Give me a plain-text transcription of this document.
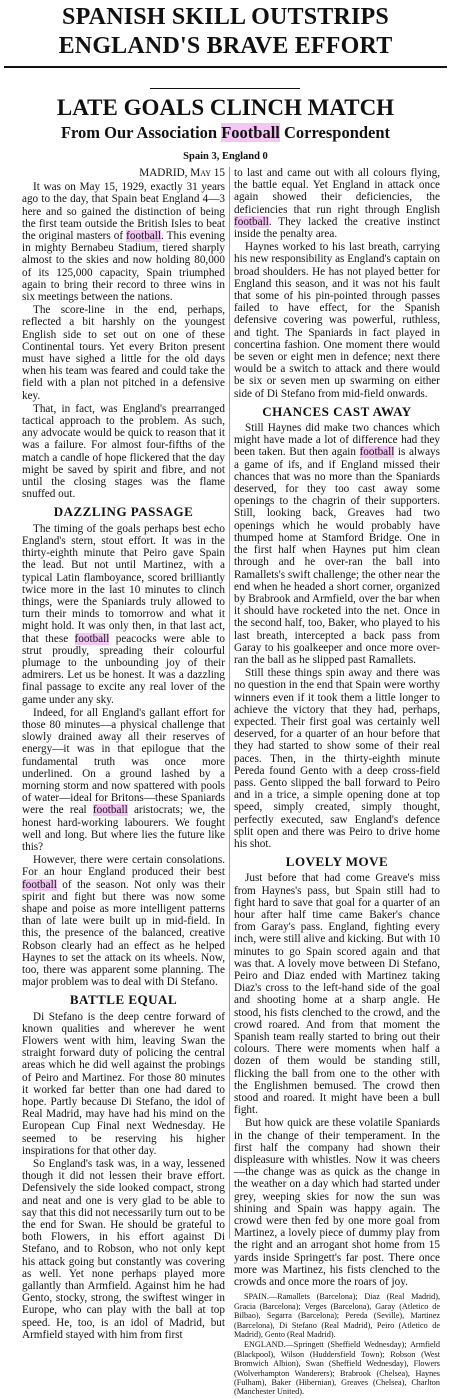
SPANISH SKILL OUTSTRIPS
ENGLAND'S BRAVE EFFORT
LATE GOALS CLINCH MATCH
From Our Association Football Correspondent
Spain 3, England 0

MADRID, May 15

It was on May 15, 1929, exactly 31 years ago to the day, that Spain beat England 4—3 here and so gained the distinction of being the first team outside the British Isles to beat the original masters of football. This evening in mighty Bernabeu Stadium, tiered sharply almost to the skies and now holding 80,000 of its 125,000 capacity, Spain triumphed again to bring their record to three wins in six meetings between the nations.

The score-line in the end, perhaps, reflected a bit harshly on the youngest English side to set out on one of these Continental tours. Yet every Briton present must have sighed a little for the old days when his team was feared and could take the field with a plan not pitched in a defensive key.

That, in fact, was England's prearranged tactical approach to the problem. As such, any advocate would be quick to reason that it was a failure. For almost four-fifths of the match a candle of hope flickered that the day might be saved by spirit and fibre, and not until the closing stages was the flame snuffed out.

DAZZLING PASSAGE

The timing of the goals perhaps best echo England's stern, stout effort. It was in the thirty-eighth minute that Peiro gave Spain the lead. But not until Martinez, with a typical Latin flamboyance, scored brilliantly twice more in the last 10 minutes to clinch things, were the Spaniards truly allowed to turn their minds to tomorrow and what it might hold. It was only then, in that last act, that these football peacocks were able to strut proudly, spreading their colourful plumage to the unbounding joy of their admirers. Let us be honest. It was a dazzling final passage to excite any real lover of the game under any sky.

Indeed, for all England's gallant effort for those 80 minutes—a physical challenge that slowly drained away all their reserves of energy—it was in that epilogue that the fundamental truth was once more underlined. On a ground lashed by a morning storm and now spattered with pools of water—ideal for Britons—these Spaniards were the real football aristocrats; we, the honest hard-working labourers. We fought well and long. But where lies the future like this?

However, there were certain consolations. For an hour England produced their best football of the season. Not only was their spirit and fight but there was now some shape and poise as more intelligent patterns than of late were built up in mid-field. In this, the presence of the balanced, creative Robson clearly had an effect as he helped Haynes to set the attack on its wheels. Now, too, there was apparent some planning. The major problem was to deal with Di Stefano.

BATTLE EQUAL

Di Stefano is the deep centre forward of known qualities and wherever he went Flowers went with him, leaving Swan the straight forward duty of policing the central areas which he did well against the probings of Peiro and Martinez. For those 80 minutes it worked far better than one had dared to hope. Partly because Di Stefano, the idol of Real Madrid, may have had his mind on the European Cup Final next Wednesday. He seemed to be reserving his higher inspirations for that other day.

So England's task was, in a way, lessened though it did not lessen their brave effort. Defensively the side looked compact, strong and neat and one is very glad to be able to say that this did not necessarily turn out to be the end for Swan. He should be grateful to both Flowers, in his effort against Di Stefano, and to Robson, who not only kept his attack going but constantly was covering as well. Yet none perhaps played more gallantly than Armfield. Against him he had Gento, stocky, strong, the swiftest winger in Europe, who can play with the ball at top speed. He, too, is an idol of Madrid, but Armfield stayed with him from first

to last and came out with all colours flying, the battle equal. Yet England in attack once again showed their deficiencies, the deficiencies that run right through English football. They lacked the creative instinct inside the penalty area.

Haynes worked to his last breath, carrying his new responsibility as England's captain on broad shoulders. He has not played better for England this season, and it was not his fault that some of his pin-pointed through passes failed to have effect, for the Spanish defensive covering was powerful, ruthless, and tight. The Spaniards in fact played in concertina fashion. One moment there would be seven or eight men in defence; next there would be a switch to attack and there would be six or seven men up swarming on either side of Di Stefano from mid-field onwards.

CHANCES CAST AWAY

Still Haynes did make two chances which might have made a lot of difference had they been taken. But then again football is always a game of ifs, and if England missed their chances that was no more than the Spaniards deserved, for they too cast away some openings to the chagrin of their supporters. Still, looking back, Greaves had two openings which he would probably have thumped home at Stamford Bridge. One in the first half when Haynes put him clean through and he over-ran the ball into Ramallets's swift challenge; the other near the end when he headed a short corner, organized by Brabrook and Armfield, over the bar when it should have rocketed into the net. Once in the second half, too, Baker, who played to his last breath, intercepted a back pass from Garay to his goalkeeper and once more over-ran the ball as he slipped past Ramallets.

Still these things spin away and there was no question in the end that Spain were worthy winners even if it took them a little longer to achieve the victory that they had, perhaps, expected. Their first goal was certainly well deserved, for a quarter of an hour before that they had started to show some of their real paces. Then, in the thirty-eighth minute Pereda found Gento with a deep cross-field pass. Gento slipped the ball forward to Peiro and in a trice, a simple opening done at top speed, simply created, simply thought, perfectly executed, saw England's defence split open and there was Peiro to drive home his shot.

LOVELY MOVE

Just before that had come Greave's miss from Haynes's pass, but Spain still had to fight hard to save that goal for a quarter of an hour after half time came Baker's chance from Garay's pass. England, fighting every inch, were still alive and kicking. But with 10 minutes to go Spain scored again and that was that. A lovely move between Di Stefano, Peiro and Diaz ended with Martinez taking Diaz's cross to the left-hand side of the goal and shooting home at a sharp angle. He stood, his fists clenched to the crowd, and the crowd roared. And from that moment the Spanish team really started to bring out their colours. There were moments when half a dozen of them would be standing still, flicking the ball from one to the other with the Englishmen bemused. The crowd then stood and roared. It might have been a bull fight.

But how quick are these volatile Spaniards in the change of their temperament. In the first half the company had shown their displeasure with whistles. Now it was cheers—the change was as quick as the change in the weather on a day which had started under grey, weeping skies for now the sun was shining and Spain was happy again. The crowd were then fed by one more goal from Martinez, a lovely piece of dummy play from the right and an arrogant shot home from 15 yards inside Springett's far post. There once more was Martinez, his fists clenched to the crowds and once more the roars of joy.

SPAIN.—Ramallets (Barcelona); Diaz (Real Madrid), Gracia (Barcelona); Verges (Barcelona), Garay (Atletico de Bilbao), Segarra (Barcelona); Pereda (Seville), Martinez (Barcelona), Di Stefano (Real Madrid), Peiro (Atletico de Madrid), Gento (Real Madrid).

ENGLAND.—Springett (Sheffield Wednesday); Armfield (Blackpool), Wilson (Huddersfield Town); Robson (West Bromwich Albion), Swan (Sheffield Wednesday), Flowers (Wolverhampton Wanderers); Brabrook (Chelsea), Haynes (Fulham), Baker (Hibernian), Greaves (Chelsea), Charlton (Manchester United).
